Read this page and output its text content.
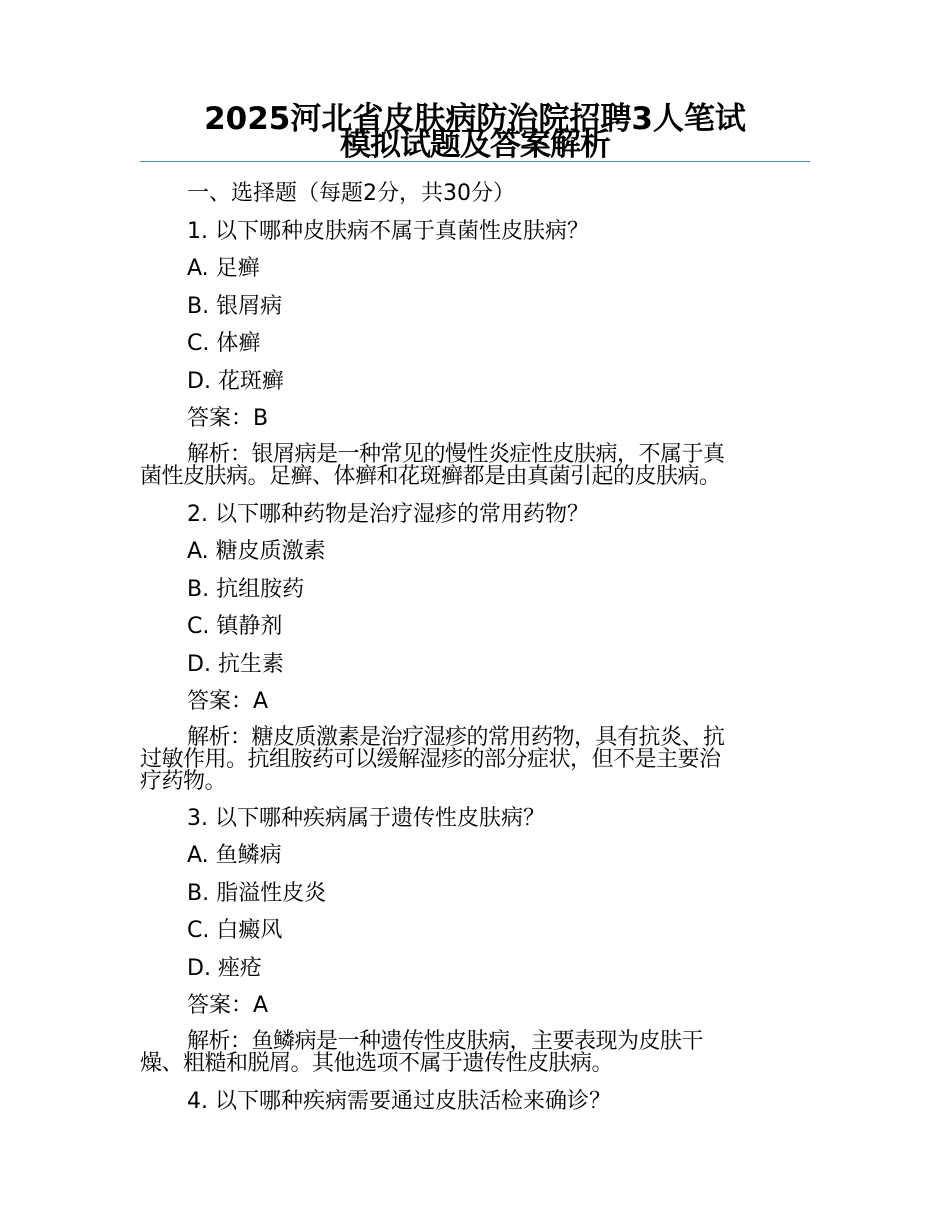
2025河北省皮肤病防治院招聘3人笔试
模拟试题及答案解析
一、选择题（每题2分，共30分）
1. 以下哪种皮肤病不属于真菌性皮肤病？
A. 足癣
B. 银屑病
C. 体癣
D. 花斑癣
答案：B
解析：银屑病是一种常见的慢性炎症性皮肤病，不属于真
菌性皮肤病。足癣、体癣和花斑癣都是由真菌引起的皮肤病。
2. 以下哪种药物是治疗湿疹的常用药物？
A. 糖皮质激素
B. 抗组胺药
C. 镇静剂
D. 抗生素
答案：A
解析：糖皮质激素是治疗湿疹的常用药物，具有抗炎、抗
过敏作用。抗组胺药可以缓解湿疹的部分症状，但不是主要治
疗药物。
3. 以下哪种疾病属于遗传性皮肤病？
A. 鱼鳞病
B. 脂溢性皮炎
C. 白癜风
D. 痤疮
答案：A
解析：鱼鳞病是一种遗传性皮肤病，主要表现为皮肤干
燥、粗糙和脱屑。其他选项不属于遗传性皮肤病。
4. 以下哪种疾病需要通过皮肤活检来确诊？
